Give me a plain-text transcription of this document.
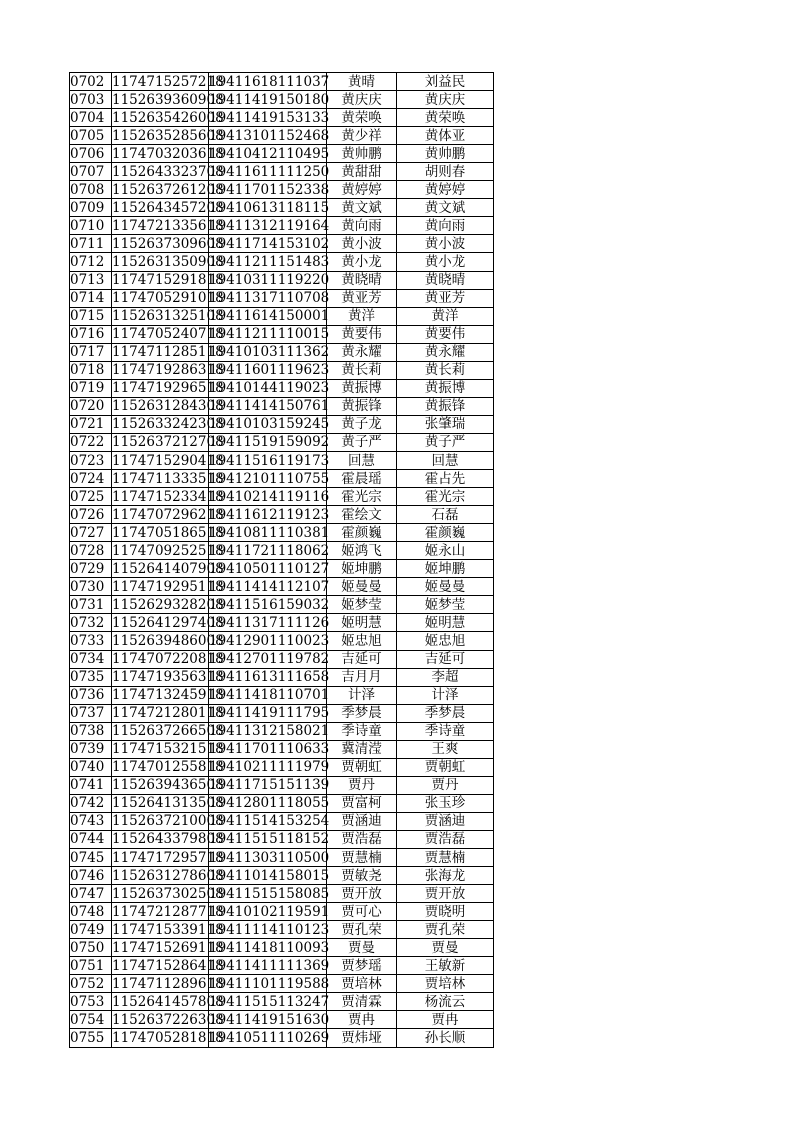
0702	1174715257218	19411618111037	黄晴	刘益民
0703	1152639360908	19411419150180	黄庆庆	黄庆庆
0704	1152635426008	19411419153133	黄荣唤	黄荣唤
0705	1152635285608	19413101152468	黄少祥	黄体亚
0706	1174703203618	19410412110495	黄帅鹏	黄帅鹏
0707	1152643323708	19411611111250	黄甜甜	胡则春
0708	1152637261208	19411701152338	黄婷婷	黄婷婷
0709	1152643457208	19410613118115	黄文斌	黄文斌
0710	1174721335618	19411312119164	黄向雨	黄向雨
0711	1152637309608	19411714153102	黄小波	黄小波
0712	1152631350908	19411211151483	黄小龙	黄小龙
0713	1174715291818	19410311119220	黄晓晴	黄晓晴
0714	1174705291018	19411317110708	黄亚芳	黄亚芳
0715	1152631325108	19411614150001	黄洋	黄洋
0716	1174705240718	19411211110015	黄要伟	黄要伟
0717	1174711285118	19410103111362	黄永耀	黄永耀
0718	1174719286318	19411601119623	黄长莉	黄长莉
0719	1174719296518	19410144119023	黄振博	黄振博
0720	1152631284308	19411414150761	黄振锋	黄振锋
0721	1152633242308	19410103159245	黄子龙	张肇瑞
0722	1152637212708	19411519159092	黄子严	黄子严
0723	1174715290418	19411516119173	回慧	回慧
0724	1174711333518	19412101110755	霍晨瑶	霍占先
0725	1174715233418	19410214119116	霍光宗	霍光宗
0726	1174707296218	19411612119123	霍绘文	石磊
0727	1174705186518	19410811110381	霍颜巍	霍颜巍
0728	1174709252518	19411721118062	姬鸿飞	姬永山
0729	1152641407908	19410501110127	姬坤鹏	姬坤鹏
0730	1174719295118	19411414112107	姬曼曼	姬曼曼
0731	1152629328208	19411516159032	姬梦莹	姬梦莹
0732	1152641297408	19411317111126	姬明慧	姬明慧
0733	1152639486008	19412901110023	姬忠旭	姬忠旭
0734	1174707220818	19412701119782	吉延可	吉延可
0735	1174719356318	19411613111658	吉月月	李超
0736	1174713245918	19411418110701	计泽	计泽
0737	1174721280118	19411419111795	季梦晨	季梦晨
0738	1152637266508	19411312158021	季诗童	季诗童
0739	1174715321518	19411701110633	冀清滢	王爽
0740	1174701255818	19410211111979	贾朝虹	贾朝虹
0741	1152639436508	19411715151139	贾丹	贾丹
0742	1152641313508	19412801118055	贾富柯	张玉珍
0743	1152637210008	19411514153254	贾涵迪	贾涵迪
0744	1152643379808	19411515118152	贾浩磊	贾浩磊
0745	1174717295718	19411303110500	贾慧楠	贾慧楠
0746	1152631278608	19411014158015	贾敏尧	张海龙
0747	1152637302508	19411515158085	贾开放	贾开放
0748	1174721287718	19410102119591	贾可心	贾晓明
0749	1174715339118	19411114110123	贾孔荣	贾孔荣
0750	1174715269118	19411418110093	贾曼	贾曼
0751	1174715286418	19411411111369	贾梦瑶	王敏新
0752	1174711289618	19411101119588	贾培林	贾培林
0753	1152641457808	19411515113247	贾清霖	杨流云
0754	1152637226308	19411419151630	贾冉	贾冉
0755	1174705281818	19410511110269	贾炜垭	孙长顺
